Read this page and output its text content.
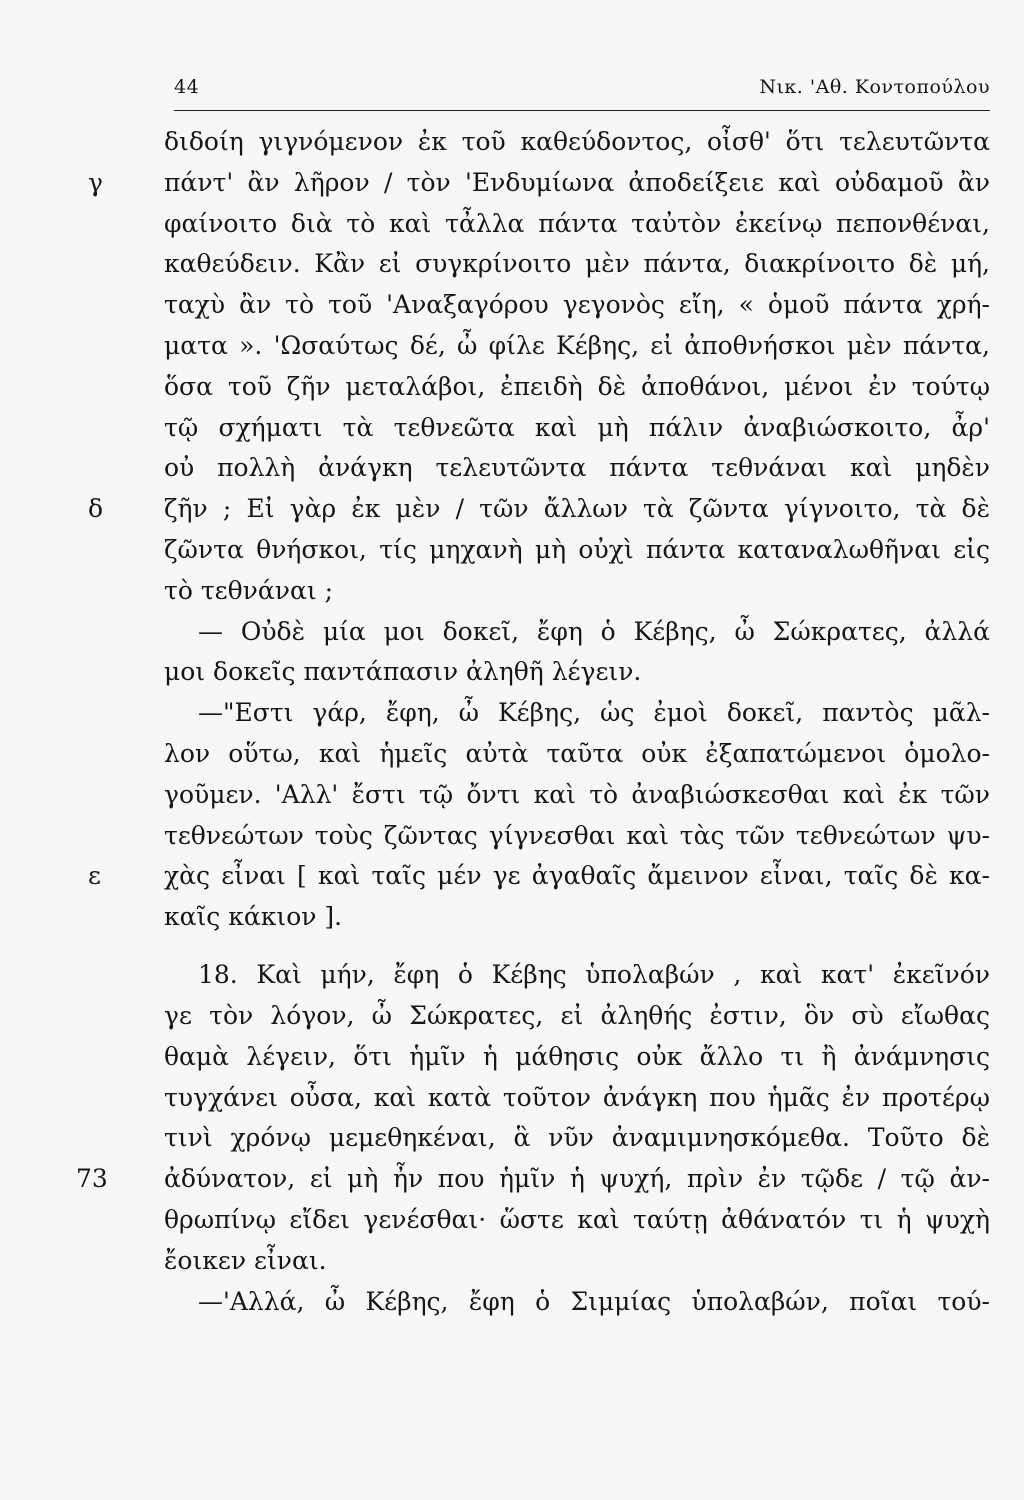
44	Νικ. 'Αθ. Κοντοπούλου
διδοίη γιγνόμενον ἐκ τοῦ καθεύδοντος, οἶσθ' ὅτι τελευτῶντα
γ πάντ' ἂν λῆρον / τὸν 'Ενδυμίωνα ἀποδείξειε καὶ οὐδαμοῦ ἂν
φαίνοιτο διὰ τὸ καὶ τἆλλα πάντα ταὐτὸν ἐκείνῳ πεπονθέναι,
καθεύδειν. Κἂν εἰ συγκρίνοιτο μὲν πάντα, διακρίνοιτο δὲ μή,
ταχὺ ἂν τὸ τοῦ 'Αναξαγόρου γεγονὸς εἴη, « ὁμοῦ πάντα χρή-
ματα ». 'Ωσαύτως δέ, ὦ φίλε Κέβης, εἰ ἀποθνήσκοι μὲν πάντα,
ὅσα τοῦ ζῆν μεταλάβοι, ἐπειδὴ δὲ ἀποθάνοι, μένοι ἐν τούτῳ
τῷ σχήματι τὰ τεθνεῶτα καὶ μὴ πάλιν ἀναβιώσκοιτο, ἆρ'
οὐ πολλὴ ἀνάγκη τελευτῶντα πάντα τεθνάναι καὶ μηδὲν
δ ζῆν ; Εἰ γὰρ ἐκ μὲν / τῶν ἄλλων τὰ ζῶντα γίγνοιτο, τὰ δὲ
ζῶντα θνήσκοι, τίς μηχανὴ μὴ οὐχὶ πάντα καταναλωθῆναι εἰς
τὸ τεθνάναι ;
— Οὐδὲ μία μοι δοκεῖ, ἔφη ὁ Κέβης, ὦ Σώκρατες, ἀλλά
μοι δοκεῖς παντάπασιν ἀληθῆ λέγειν.
—"Εστι γάρ, ἔφη, ὦ Κέβης, ὡς ἐμοὶ δοκεῖ, παντὸς μᾶλ-
λον οὕτω, καὶ ἡμεῖς αὐτὰ ταῦτα οὐκ ἐξαπατώμενοι ὁμολο-
γοῦμεν. 'Αλλ' ἔστι τῷ ὄντι καὶ τὸ ἀναβιώσκεσθαι καὶ ἐκ τῶν
τεθνεώτων τοὺς ζῶντας γίγνεσθαι καὶ τὰς τῶν τεθνεώτων ψυ-
ε	χὰς εἶναι [ καὶ ταῖς μέν γε ἀγαθαῖς ἄμεινον εἶναι, ταῖς δὲ κα-
καῖς κάκιον ].
18. Καὶ μήν, ἔφη ὁ Κέβης ὑπολαβών , καὶ κατ' ἐκεῖνόν
γε τὸν λόγον, ὦ Σώκρατες, εἰ ἀληθής ἐστιν, ὃν σὺ εἴωθας
θαμὰ λέγειν, ὅτι ἡμῖν ἡ μάθησις οὐκ ἄλλο τι ἢ ἀνάμνησις
τυγχάνει οὖσα, καὶ κατὰ τοῦτον ἀνάγκη που ἡμᾶς ἐν προτέρῳ
τινὶ χρόνῳ μεμεθηκέναι, ἃ νῦν ἀναμιμνησκόμεθα. Τοῦτο δὲ
73 ἀδύνατον, εἰ μὴ ἦν που ἡμῖν ἡ ψυχή, πρὶν ἐν τῷδε / τῷ ἀν-
θρωπίνῳ εἴδει γενέσθαι· ὥστε καὶ ταύτῃ ἀθάνατόν τι ἡ ψυχὴ
ἔοικεν εἶναι.
—'Αλλά, ὦ Κέβης, ἔφη ὁ Σιμμίας ὑπολαβών, ποῖαι τού-
